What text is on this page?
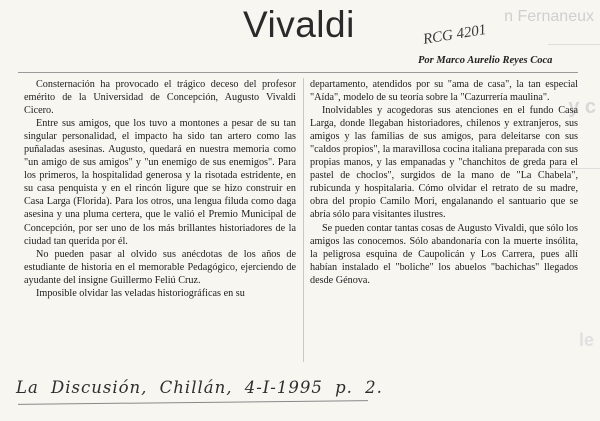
n Fernaneux
y c
le
Vivaldi	RCG 4201
Por Marco Aurelio Reyes Coca

Consternación ha provocado el trágico deceso del profesor emérito de la Universidad de Concepción, Augusto Vivaldi Cicero.

Entre sus amigos, que los tuvo a montones a pesar de su tan singular personalidad, el impacto ha sido tan artero como las puñaladas asesinas. Augusto, quedará en nuestra memoria como "un amigo de sus amigos" y "un enemigo de sus enemigos". Para los primeros, la hospitalidad generosa y la risotada estridente, en su casa penquista y en el rincón ligure que se hizo construir en Casa Larga (Florida). Para los otros, una lengua filuda como daga asesina y una pluma certera, que le valió el Premio Municipal de Concepción, por ser uno de los más brillantes historiadores de la ciudad tan querida por él.

No pueden pasar al olvido sus anécdotas de los años de estudiante de historia en el memorable Pedagógico, ejerciendo de ayudante del insigne Guillermo Feliú Cruz.

Imposible olvidar las veladas historiográficas en su

departamento, atendidos por su "ama de casa", la tan especial "Aída", modelo de su teoría sobre la "Cazurrería maulina".

Inolvidables y acogedoras sus atenciones en el fundo Casa Larga, donde llegaban historiadores, chilenos y extranjeros, sus amigos y las familias de sus amigos, para deleitarse con sus "caldos propios", la maravillosa cocina italiana preparada con sus propias manos, y las empanadas y "chanchitos de greda para el pastel de choclos", surgidos de la mano de "La Chabela", rubicunda y hospitalaria. Cómo olvidar el retrato de su madre, obra del propio Camilo Mori, engalanando el santuario que se abría sólo para visitantes ilustres.

Se pueden contar tantas cosas de Augusto Vivaldi, que sólo los amigos las conocemos. Sólo abandonaría con la muerte insólita, la peligrosa esquina de Caupolicán y Los Carrera, pues allí habían instalado el "boliche" los abuelos "bachichas" llegados desde Génova.

La Discusión, Chillán, 4-I-1995 p. 2.
